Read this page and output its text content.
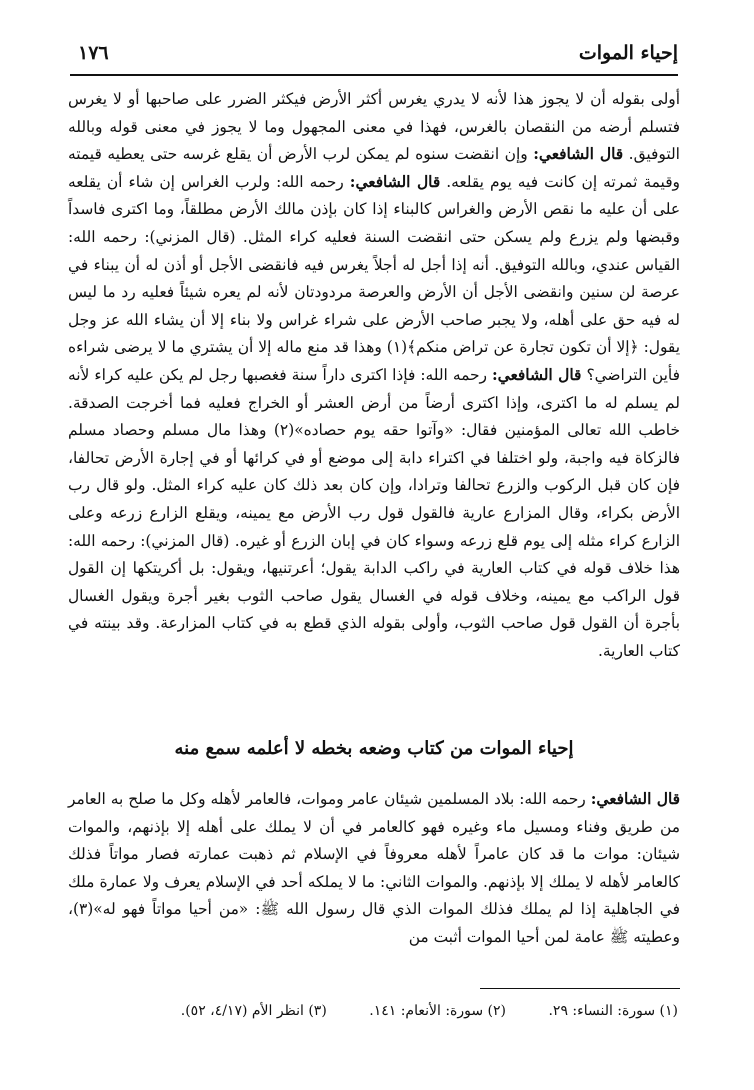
إحياء الموات
١٧٦

أولى بقوله أن لا يجوز هذا لأنه لا يدري يغرس أكثر الأرض فيكثر الضرر على صاحبها أو لا يغرس فتسلم أرضه من النقصان بالغرس، فهذا في معنى المجهول وما لا يجوز في معنى قوله وبالله التوفيق. قال الشافعي: وإن انقضت سنوه لم يمكن لرب الأرض أن يقلع غرسه حتى يعطيه قيمته وقيمة ثمرته إن كانت فيه يوم يقلعه. قال الشافعي: رحمه الله: ولرب الغراس إن شاء أن يقلعه على أن عليه ما نقص الأرض والغراس كالبناء إذا كان بإذن مالك الأرض مطلقاً، وما اكترى فاسداً وقبضها ولم يزرع ولم يسكن حتى انقضت السنة فعليه كراء المثل. (قال المزني): رحمه الله: القياس عندي، وبالله التوفيق. أنه إذا أجل له أجلاً يغرس فيه فانقضى الأجل أو أذن له أن يبناء في عرصة لن سنين وانقضى الأجل أن الأرض والعرصة مردودتان لأنه لم يعره شيئاً فعليه رد ما ليس له فيه حق على أهله، ولا يجبر صاحب الأرض على شراء غراس ولا بناء إلا أن يشاء الله عز وجل يقول: ﴿إلا أن تكون تجارة عن تراض منكم﴾(١) وهذا قد منع ماله إلا أن يشتري ما لا يرضى شراءه فأين التراضي؟ قال الشافعي: رحمه الله: فإذا اكترى داراً سنة فغصبها رجل لم يكن عليه كراء لأنه لم يسلم له ما اكترى، وإذا اكترى أرضاً من أرض العشر أو الخراج فعليه فما أخرجت الصدقة. خاطب الله تعالى المؤمنين فقال: «وآتوا حقه يوم حصاده»(٢) وهذا مال مسلم وحصاد مسلم فالزكاة فيه واجبة، ولو اختلفا في اكتراء دابة إلى موضع أو في كرائها أو في إجارة الأرض تحالفا، فإن كان قبل الركوب والزرع تحالفا وترادا، وإن كان بعد ذلك كان عليه كراء المثل. ولو قال رب الأرض بكراء، وقال المزارع عارية فالقول قول رب الأرض مع يمينه، ويقلع الزارع زرعه وعلى الزارع كراء مثله إلى يوم قلع زرعه وسواء كان في إبان الزرع أو غيره. (قال المزني): رحمه الله: هذا خلاف قوله في كتاب العارية في راكب الدابة يقول؛ أعرتنيها، ويقول: بل أكريتكها إن القول قول الراكب مع يمينه، وخلاف قوله في الغسال يقول صاحب الثوب بغير أجرة ويقول الغسال بأجرة أن القول قول صاحب الثوب، وأولى بقوله الذي قطع به في كتاب المزارعة. وقد بينته في كتاب العارية.

إحياء الموات من كتاب وضعه بخطه لا أعلمه سمع منه

قال الشافعي: رحمه الله: بلاد المسلمين شيئان عامر وموات، فالعامر لأهله وكل ما صلح به العامر من طريق وفناء ومسيل ماء وغيره فهو كالعامر في أن لا يملك على أهله إلا بإذنهم، والموات شيئان: موات ما قد كان عامراً لأهله معروفاً في الإسلام ثم ذهبت عمارته فصار مواتاً فذلك كالعامر لأهله لا يملك إلا بإذنهم. والموات الثاني: ما لا يملكه أحد في الإسلام يعرف ولا عمارة ملك في الجاهلية إذا لم يملك فذلك الموات الذي قال رسول الله ﷺ: «من أحيا مواتاً فهو له»(٣)، وعطيته ﷺ عامة لمن أحيا الموات أثبت من

(١) سورة: النساء: ٢٩. (٢) سورة: الأنعام: ١٤١. (٣) انظر الأم (٤/١٧، ٥٢).
